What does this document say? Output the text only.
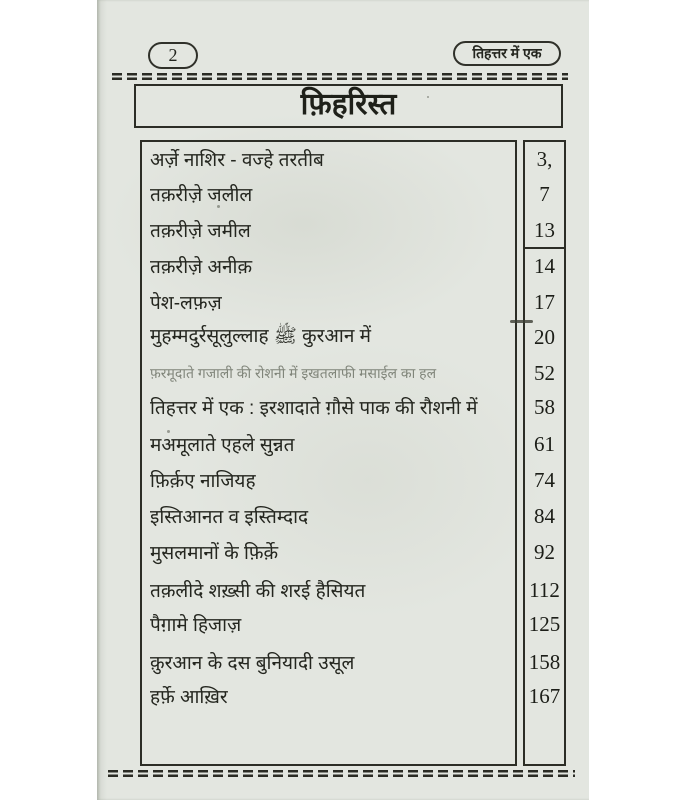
2	तिहत्तर में एक
फ़िहरिस्त
अर्ज़े नाशिर - वज्हे तरतीब
तक़रीज़े जलील
तक़रीज़े जमील
तक़रीज़े अनीक़
पेश-लफ़ज़
मुहम्मदुर्रसूलुल्लाह ﷺ कुरआन में
फ़रमूदाते गजाली की रोशनी में इखतलाफी मसाईल का हल
तिहत्तर में एक : इरशादाते ग़ौसे पाक की रौशनी में
मअमूलाते एहले सुन्नत
फ़िर्क़ए नाजियह
इस्तिआनत व इस्तिम्दाद
मुसलमानों के फ़िर्क़े
तक़लीदे शख़्सी की शरई हैसियत
पैग़ामे हिजाज़
क़ुरआन के दस बुनियादी उसूल
हर्फ़े आख़िर
3,
7
13
14
17
20
52
58
61
74
84
92
112
125
158
167
